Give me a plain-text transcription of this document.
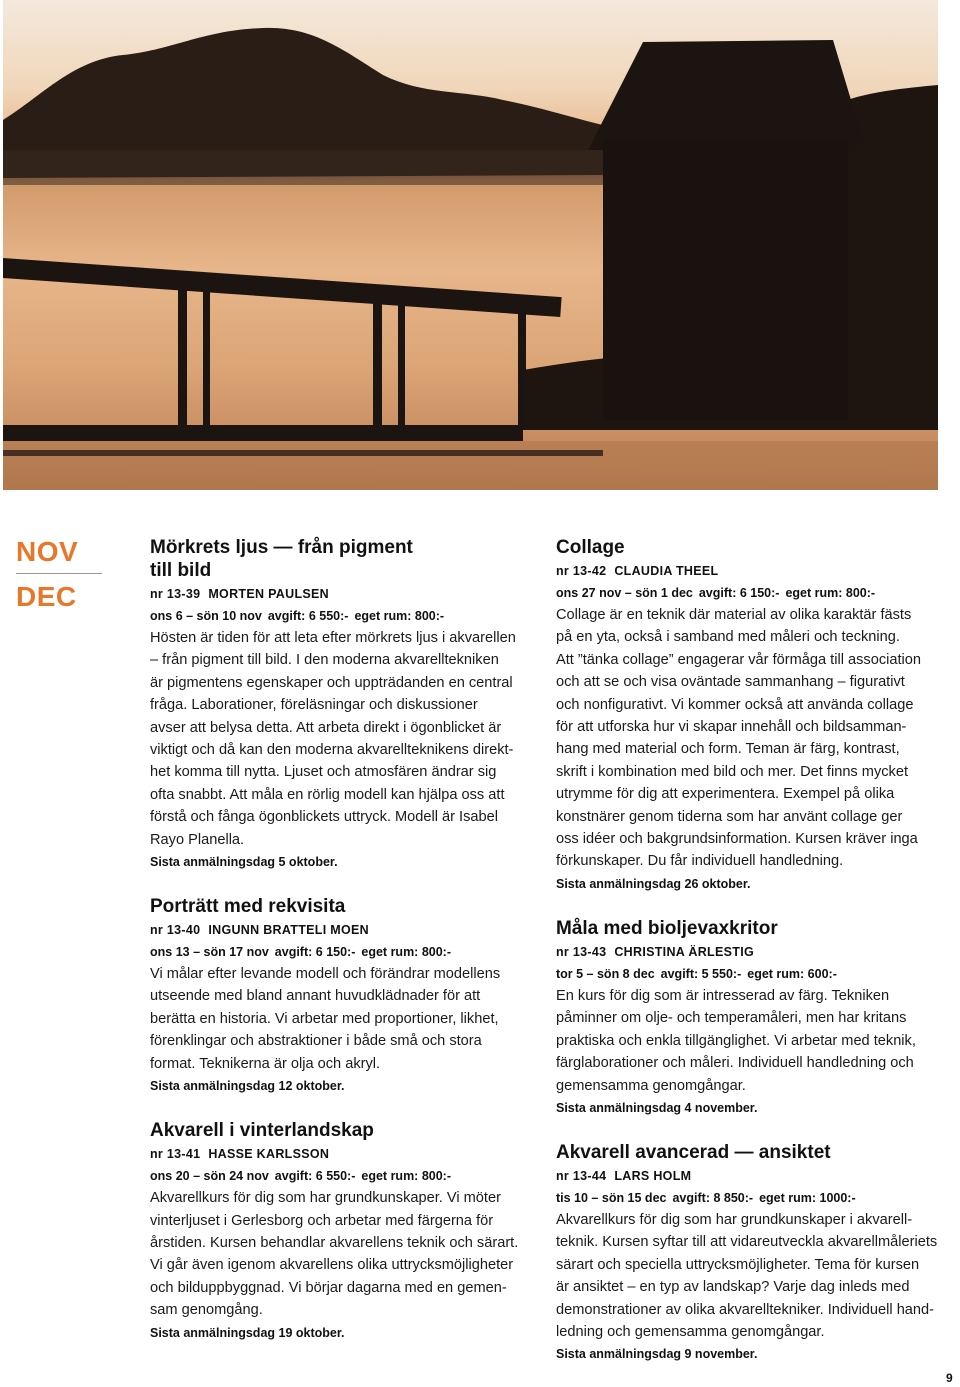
NOV
DEC
Mörkrets ljus — från pigment
till bild
nr 13-39 MORTEN PAULSEN
ons 6 – sön 10 nov avgift: 6 550:- eget rum: 800:-
Hösten är tiden för att leta efter mörkrets ljus i akvarellen
– från pigment till bild. I den moderna akvarelltekniken
är pigmentens egenskaper och uppträdanden en central
fråga. Laborationer, föreläsningar och diskussioner
avser att belysa detta. Att arbeta direkt i ögonblicket är
viktigt och då kan den moderna akvarellteknikens direkt-
het komma till nytta. Ljuset och atmosfären ändrar sig
ofta snabbt. Att måla en rörlig modell kan hjälpa oss att
förstå och fånga ögonblickets uttryck. Modell är Isabel
Rayo Planella.
Sista anmälningsdag 5 oktober.
Porträtt med rekvisita
nr 13-40 INGUNN BRATTELI MOEN
ons 13 – sön 17 nov avgift: 6 150:- eget rum: 800:-
Vi målar efter levande modell och förändrar modellens
utseende med bland annant huvudklädnader för att
berätta en historia. Vi arbetar med proportioner, likhet,
förenklingar och abstraktioner i både små och stora
format. Teknikerna är olja och akryl.
Sista anmälningsdag 12 oktober.
Akvarell i vinterlandskap
nr 13-41 HASSE KARLSSON
ons 20 – sön 24 nov avgift: 6 550:- eget rum: 800:-
Akvarellkurs för dig som har grundkunskaper. Vi möter
vinterljuset i Gerlesborg och arbetar med färgerna för
årstiden. Kursen behandlar akvarellens teknik och särart.
Vi går även igenom akvarellens olika uttrycksmöjligheter
och bilduppbyggnad. Vi börjar dagarna med en gemen-
sam genomgång.
Sista anmälningsdag 19 oktober.
Collage
nr 13-42 CLAUDIA THEEL
ons 27 nov – sön 1 dec avgift: 6 150:- eget rum: 800:-
Collage är en teknik där material av olika karaktär fästs
på en yta, också i samband med måleri och teckning.
Att ”tänka collage” engagerar vår förmåga till association
och att se och visa oväntade sammanhang – figurativt
och nonfigurativt. Vi kommer också att använda collage
för att utforska hur vi skapar innehåll och bildsamman-
hang med material och form. Teman är färg, kontrast,
skrift i kombination med bild och mer. Det finns mycket
utrymme för dig att experimentera. Exempel på olika
konstnärer genom tiderna som har använt collage ger
oss idéer och bakgrundsinformation. Kursen kräver inga
förkunskaper. Du får individuell handledning.
Sista anmälningsdag 26 oktober.
Måla med bioljevaxkritor
nr 13-43 CHRISTINA ÄRLESTIG
tor 5 – sön 8 dec avgift: 5 550:- eget rum: 600:-
En kurs för dig som är intresserad av färg. Tekniken
påminner om olje- och temperamåleri, men har kritans
praktiska och enkla tillgänglighet. Vi arbetar med teknik,
färglaborationer och måleri. Individuell handledning och
gemensamma genomgångar.
Sista anmälningsdag 4 november.
Akvarell avancerad — ansiktet
nr 13-44 LARS HOLM
tis 10 – sön 15 dec avgift: 8 850:- eget rum: 1000:-
Akvarellkurs för dig som har grundkunskaper i akvarell-
teknik. Kursen syftar till att vidareutveckla akvarellmåleriets
särart och speciella uttrycksmöjligheter. Tema för kursen
är ansiktet – en typ av landskap? Varje dag inleds med
demonstrationer av olika akvarelltekniker. Individuell hand-
ledning och gemensamma genomgångar.
Sista anmälningsdag 9 november.
9
